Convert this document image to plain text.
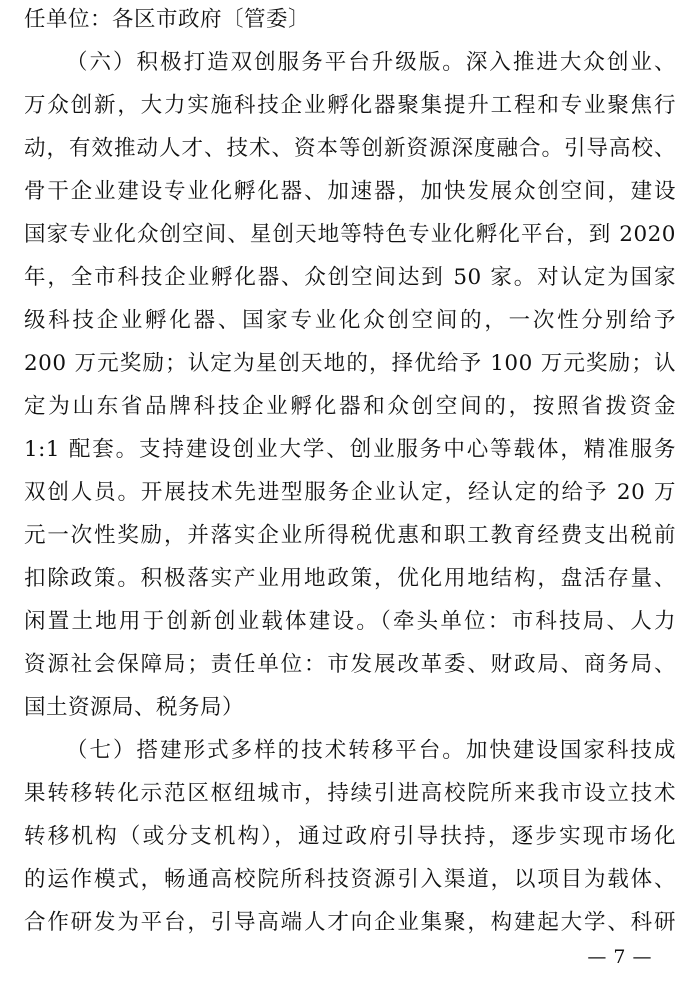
任单位：各区市政府〔管委〕
（六）积极打造双创服务平台升级版。深入推进大众创业、
万众创新，大力实施科技企业孵化器聚集提升工程和专业聚焦行
动，有效推动人才、技术、资本等创新资源深度融合。引导高校、
骨干企业建设专业化孵化器、加速器，加快发展众创空间，建设
国家专业化众创空间、星创天地等特色专业化孵化平台，到 2020
年，全市科技企业孵化器、众创空间达到 50 家。对认定为国家
级科技企业孵化器、国家专业化众创空间的，一次性分别给予
200 万元奖励；认定为星创天地的，择优给予 100 万元奖励；认
定为山东省品牌科技企业孵化器和众创空间的，按照省拨资金
1:1 配套。支持建设创业大学、创业服务中心等载体，精准服务
双创人员。开展技术先进型服务企业认定，经认定的给予 20 万
元一次性奖励，并落实企业所得税优惠和职工教育经费支出税前
扣除政策。积极落实产业用地政策，优化用地结构，盘活存量、
闲置土地用于创新创业载体建设。（牵头单位：市科技局、人力
资源社会保障局；责任单位：市发展改革委、财政局、商务局、
国土资源局、税务局）
（七）搭建形式多样的技术转移平台。加快建设国家科技成
果转移转化示范区枢纽城市，持续引进高校院所来我市设立技术
转移机构（或分支机构），通过政府引导扶持，逐步实现市场化
的运作模式，畅通高校院所科技资源引入渠道，以项目为载体、
合作研发为平台，引导高端人才向企业集聚，构建起大学、科研
— 7 —
